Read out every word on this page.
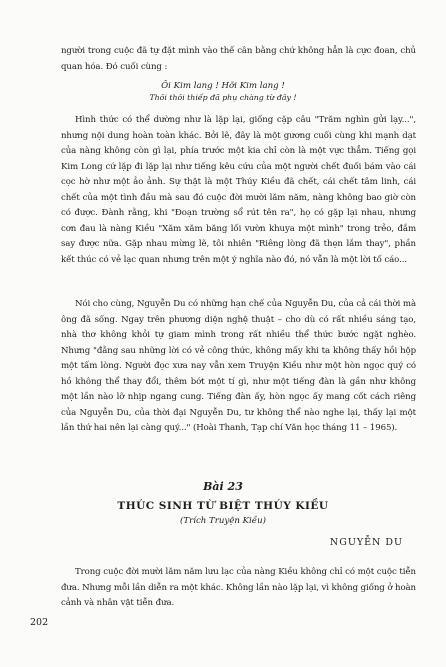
người trong cuộc đã tự đặt mình vào thế cân bằng chứ không hẳn là cực đoan, chủ quan hóa. Đó cuối cùng :

Ôi Kim lang ! Hỡi Kim lang !

Thôi thôi thiếp đã phụ chàng từ đây !

Hình thức có thể dường như là lặp lại, giống cặp câu "Trăm nghìn gửi lạy...", nhưng nội dung hoàn toàn khác. Bởi lẽ, đây là một gương cuối cùng khi mạnh dạt của nàng không còn gì lại, phía trước một kia chỉ còn là một vực thẳm. Tiếng gọi Kim Long cứ lặp đi lặp lại như tiếng kêu cứu của một người chết đuối bám vào cái cọc hờ như một ảo ảnh. Sự thật là một Thúy Kiều đã chết, cái chết tâm linh, cái chết của một tình đầu mà sau đó cuộc đời mười lăm năm, nàng không bao giờ còn có được. Đành rằng, khi "Đoạn trường sổ rút tên ra", họ có gặp lại nhau, nhưng cơn đau là nàng Kiều "Xăm xăm băng lối vườn khuya một mình" trong trẻo, đắm say được nữa. Gặp nhau mừng lẽ, tôi nhiên "Riêng lòng đã thẹn lắm thay", phần kết thúc có vẻ lạc quan nhưng trên một ý nghĩa nào đó, nó vẫn là một lời tố cáo...

Nói cho cùng, Nguyễn Du có những hạn chế của Nguyễn Du, của cả cái thời mà ông đã sống. Ngay trên phương diện nghệ thuật – cho dù có rất nhiều sáng tạo, nhà thơ không khỏi tự giam mình trong rất nhiều thể thức bước ngặt nghèo. Nhưng "đằng sau những lời có vẻ công thức, không mấy khi ta không thấy hồi hộp một tấm lòng. Người đọc xưa nay vẫn xem Truyện Kiều như một hòn ngọc quý có hồ không thể thay đổi, thêm bớt một tí gì, như một tiếng đàn là gần như không một lần nào lỡ nhịp ngang cung. Tiếng đàn ấy, hòn ngọc ấy mang cốt cách riêng của Nguyễn Du, của thời đại Nguyễn Du, tư không thể nào nghe lại, thấy lại một lần thứ hai nên lại càng quý..." (Hoài Thanh, Tạp chí Văn học tháng 11 – 1965).

Bài 23
THÚC SINH TỪ BIỆT THÚY KIỀU
(Trích Truyện Kiều)
NGUYỄN DU

Trong cuộc đời mười lăm năm lưu lạc của nàng Kiều không chỉ có một cuộc tiễn đưa. Nhưng mỗi lần diễn ra một khác. Không lần nào lặp lại, vì không giống ở hoàn cảnh và nhân vật tiễn đưa.

202
